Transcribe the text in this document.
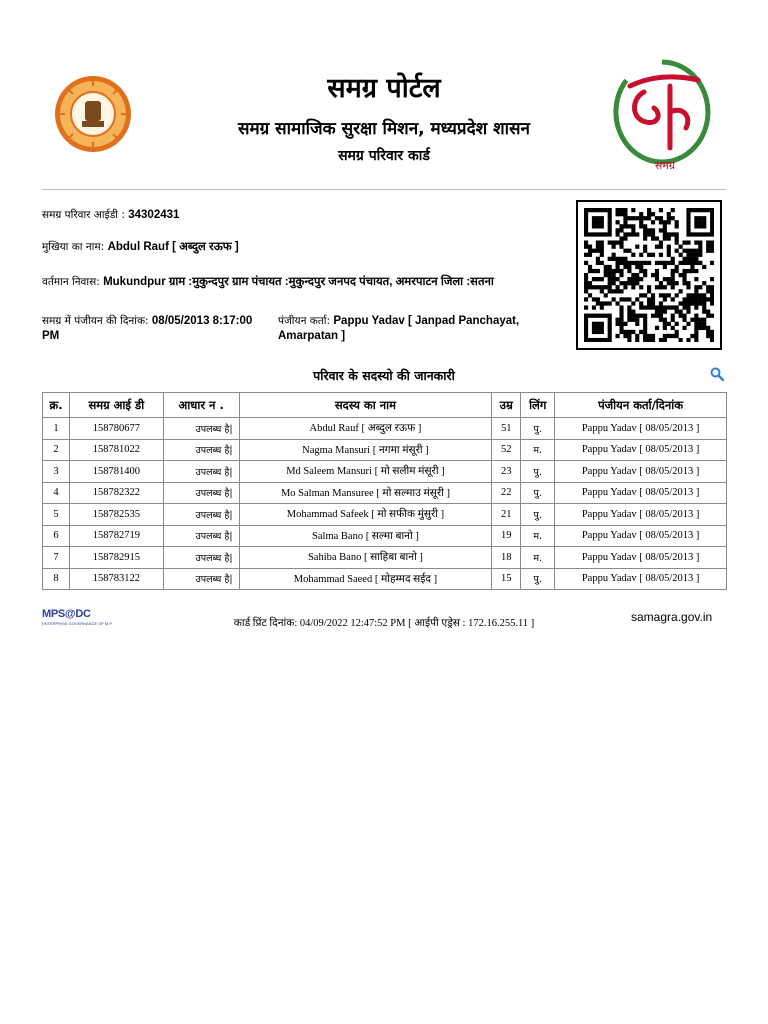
समग्र पोर्टल
समग्र सामाजिक सुरक्षा मिशन, मध्यप्रदेश शासन
समग्र परिवार कार्ड
समग्र
समग्र परिवार आईडी : 34302431
मुखिया का नाम: Abdul Rauf [ अब्दुल रऊफ ]
वर्तमान निवास: Mukundpur ग्राम :मुकुन्दपुर ग्राम पंचायत :मुकुन्दपुर जनपद पंचायत, अमरपाटन जिला :सतना
समग्र में पंजीयन की दिनांक: 08/05/2013 8:17:00
PM
पंजीयन कर्ता: Pappu Yadav [ Janpad Panchayat,
Amarpatan ]
परिवार के सदस्यो की जानकारी
क्र.	समग्र आई डी	आधार न .	सदस्य का नाम	उम्र	लिंग	पंजीयन कर्ता/दिनांक
1	158780677	उपलब्ध है|	Abdul Rauf [ अब्दुल रऊफ ]	51	पु.	Pappu Yadav [ 08/05/2013 ]
2	158781022	उपलब्ध है|	Nagma Mansuri [ नगमा मंसूरी ]	52	म.	Pappu Yadav [ 08/05/2013 ]
3	158781400	उपलब्ध है|	Md Saleem Mansuri [ मो सलीम मंसूरी ]	23	पु.	Pappu Yadav [ 08/05/2013 ]
4	158782322	उपलब्ध है|	Mo Salman Mansuree [ मो सल्माउ मंसूरी ]	22	पु.	Pappu Yadav [ 08/05/2013 ]
5	158782535	उपलब्ध है|	Mohammad Safeek [ मो सफीक मुंसुरी ]	21	पु.	Pappu Yadav [ 08/05/2013 ]
6	158782719	उपलब्ध है|	Salma Bano [ सल्मा बानो ]	19	म.	Pappu Yadav [ 08/05/2013 ]
7	158782915	उपलब्ध है|	Sahiba Bano [ साहिबा बानो ]	18	म.	Pappu Yadav [ 08/05/2013 ]
8	158783122	उपलब्ध है|	Mohammad Saeed [ मोहम्मद सईद ]	15	पु.	Pappu Yadav [ 08/05/2013 ]
MPS@DC
ENTERPRISE GOVERNANCE OF M.P.	कार्ड प्रिंट दिनांक: 04/09/2022 12:47:52 PM [ आईपी एड्रेस : 172.16.255.11 ]	samagra.gov.in
